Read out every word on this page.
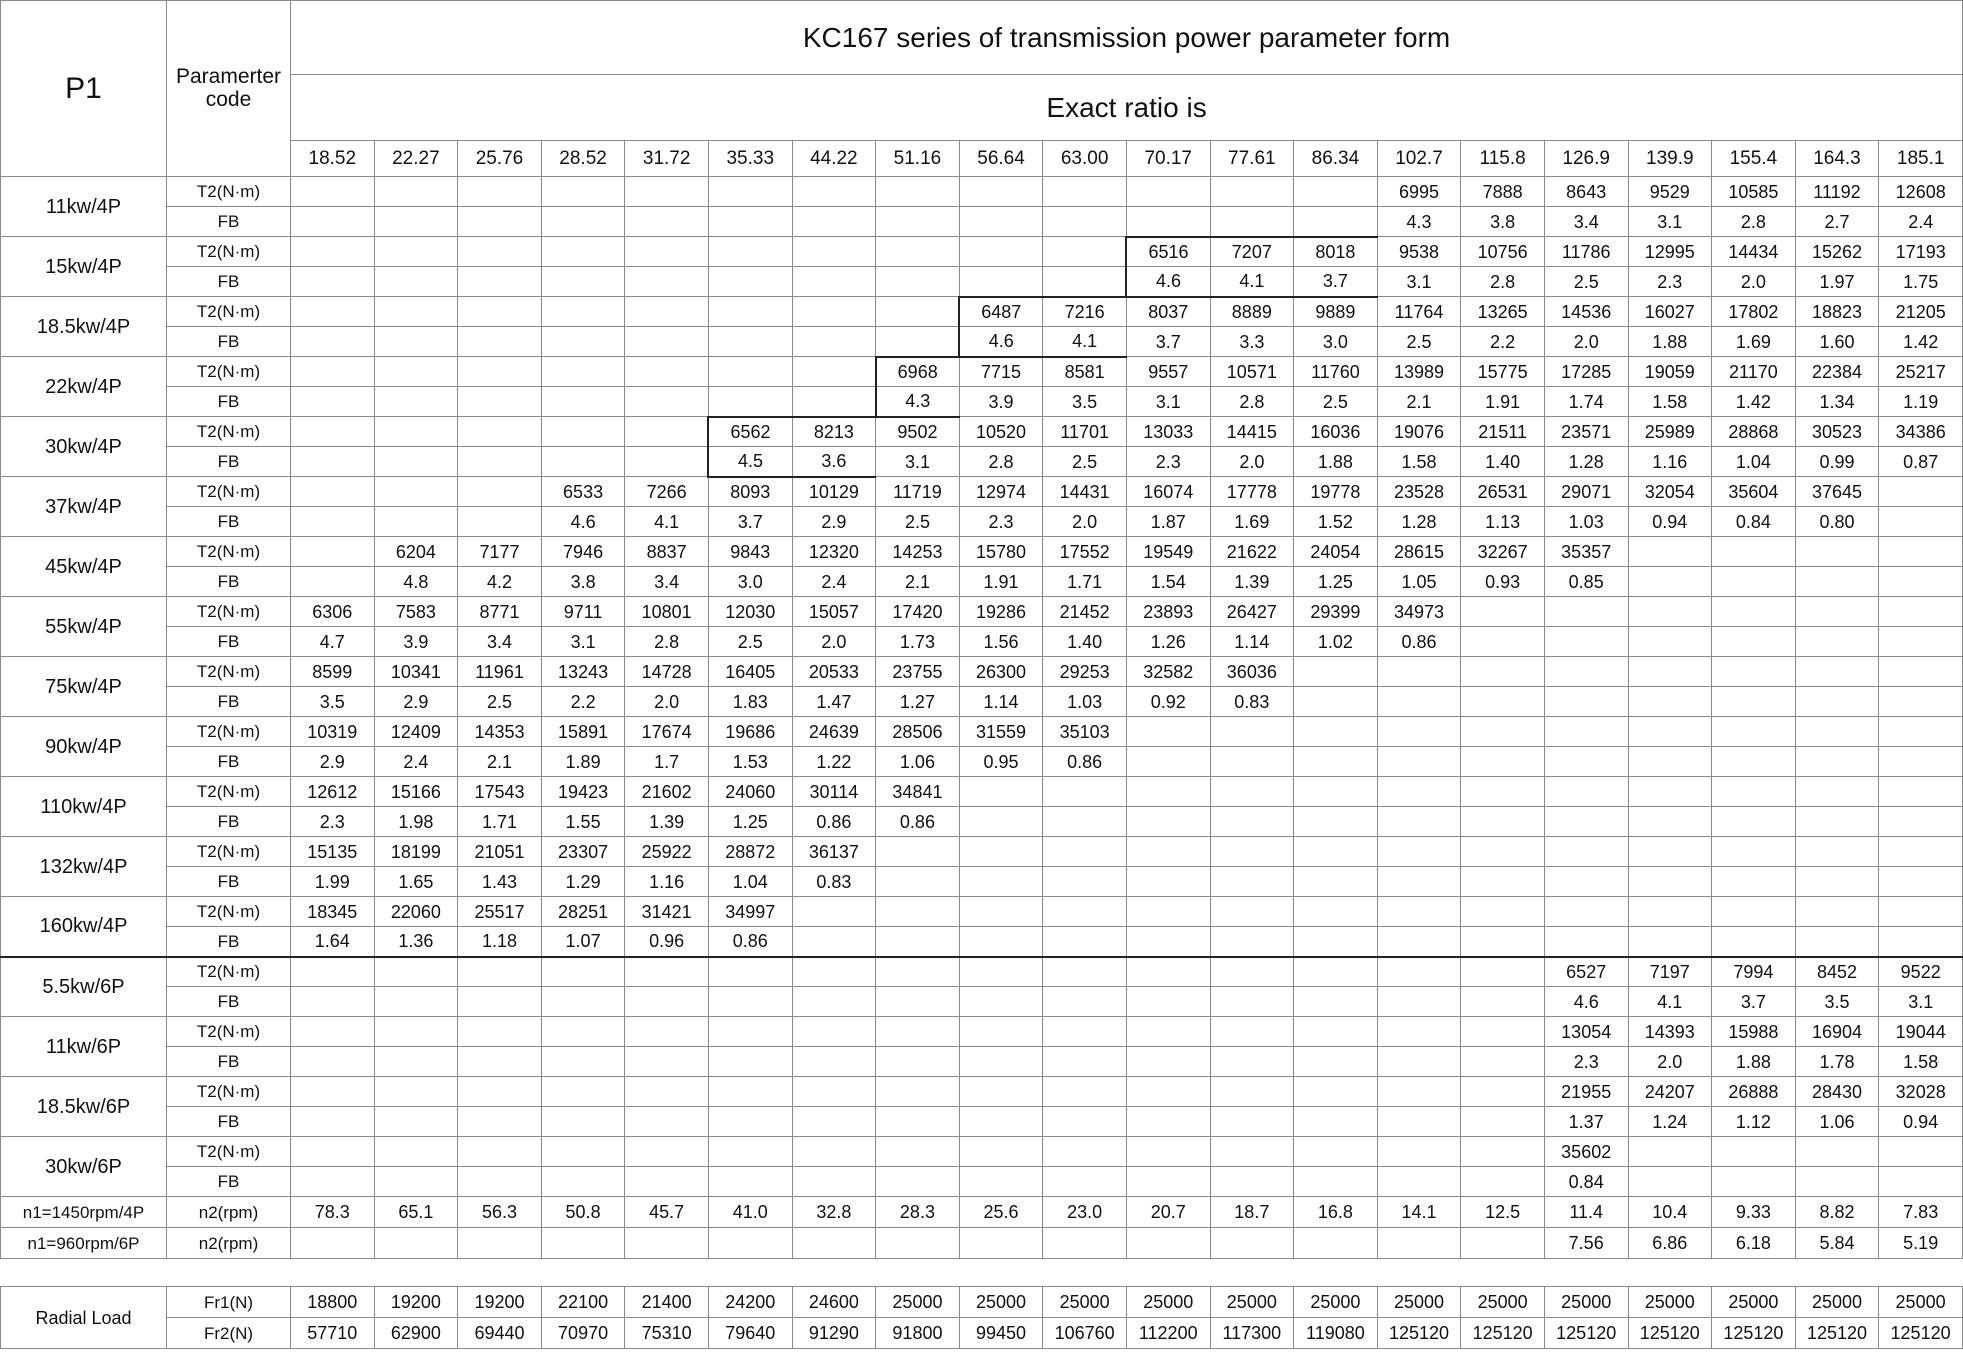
P1	Paramerter code	KC167 series of transmission power parameter form																			
		Exact ratio is																			
		18.52	22.27	25.76	28.52	31.72	35.33	44.22	51.16	56.64	63.00	70.17	77.61	86.34	102.7	115.8	126.9	139.9	155.4	164.3	185.1
11kw/4P	T2(N·m)														6995	7888	8643	9529	10585	11192	12608
	FB														4.3	3.8	3.4	3.1	2.8	2.7	2.4
15kw/4P	T2(N·m)											6516	7207	8018	9538	10756	11786	12995	14434	15262	17193
	FB											4.6	4.1	3.7	3.1	2.8	2.5	2.3	2.0	1.97	1.75
18.5kw/4P	T2(N·m)									6487	7216	8037	8889	9889	11764	13265	14536	16027	17802	18823	21205
	FB									4.6	4.1	3.7	3.3	3.0	2.5	2.2	2.0	1.88	1.69	1.60	1.42
22kw/4P	T2(N·m)								6968	7715	8581	9557	10571	11760	13989	15775	17285	19059	21170	22384	25217
	FB								4.3	3.9	3.5	3.1	2.8	2.5	2.1	1.91	1.74	1.58	1.42	1.34	1.19
30kw/4P	T2(N·m)						6562	8213	9502	10520	11701	13033	14415	16036	19076	21511	23571	25989	28868	30523	34386
	FB						4.5	3.6	3.1	2.8	2.5	2.3	2.0	1.88	1.58	1.40	1.28	1.16	1.04	0.99	0.87
37kw/4P	T2(N·m)				6533	7266	8093	10129	11719	12974	14431	16074	17778	19778	23528	26531	29071	32054	35604	37645	
	FB				4.6	4.1	3.7	2.9	2.5	2.3	2.0	1.87	1.69	1.52	1.28	1.13	1.03	0.94	0.84	0.80	
45kw/4P	T2(N·m)		6204	7177	7946	8837	9843	12320	14253	15780	17552	19549	21622	24054	28615	32267	35357				
	FB		4.8	4.2	3.8	3.4	3.0	2.4	2.1	1.91	1.71	1.54	1.39	1.25	1.05	0.93	0.85				
55kw/4P	T2(N·m)	6306	7583	8771	9711	10801	12030	15057	17420	19286	21452	23893	26427	29399	34973						
	FB	4.7	3.9	3.4	3.1	2.8	2.5	2.0	1.73	1.56	1.40	1.26	1.14	1.02	0.86						
75kw/4P	T2(N·m)	8599	10341	11961	13243	14728	16405	20533	23755	26300	29253	32582	36036								
	FB	3.5	2.9	2.5	2.2	2.0	1.83	1.47	1.27	1.14	1.03	0.92	0.83								
90kw/4P	T2(N·m)	10319	12409	14353	15891	17674	19686	24639	28506	31559	35103										
	FB	2.9	2.4	2.1	1.89	1.7	1.53	1.22	1.06	0.95	0.86										
110kw/4P	T2(N·m)	12612	15166	17543	19423	21602	24060	30114	34841												
	FB	2.3	1.98	1.71	1.55	1.39	1.25	0.86	0.86												
132kw/4P	T2(N·m)	15135	18199	21051	23307	25922	28872	36137													
	FB	1.99	1.65	1.43	1.29	1.16	1.04	0.83													
160kw/4P	T2(N·m)	18345	22060	25517	28251	31421	34997														
	FB	1.64	1.36	1.18	1.07	0.96	0.86														
5.5kw/6P	T2(N·m)																6527	7197	7994	8452	9522
	FB																4.6	4.1	3.7	3.5	3.1
11kw/6P	T2(N·m)																13054	14393	15988	16904	19044
	FB																2.3	2.0	1.88	1.78	1.58
18.5kw/6P	T2(N·m)																21955	24207	26888	28430	32028
	FB																1.37	1.24	1.12	1.06	0.94
30kw/6P	T2(N·m)																35602				
	FB																0.84				
n1=1450rpm/4P	n2(rpm)	78.3	65.1	56.3	50.8	45.7	41.0	32.8	28.3	25.6	23.0	20.7	18.7	16.8	14.1	12.5	11.4	10.4	9.33	8.82	7.83
n1=960rpm/6P	n2(rpm)																7.56	6.86	6.18	5.84	5.19
Radial Load	Fr1(N)	18800	19200	19200	22100	21400	24200	24600	25000	25000	25000	25000	25000	25000	25000	25000	25000	25000	25000	25000	25000
	Fr2(N)	57710	62900	69440	70970	75310	79640	91290	91800	99450	106760	112200	117300	119080	125120	125120	125120	125120	125120	125120	125120
